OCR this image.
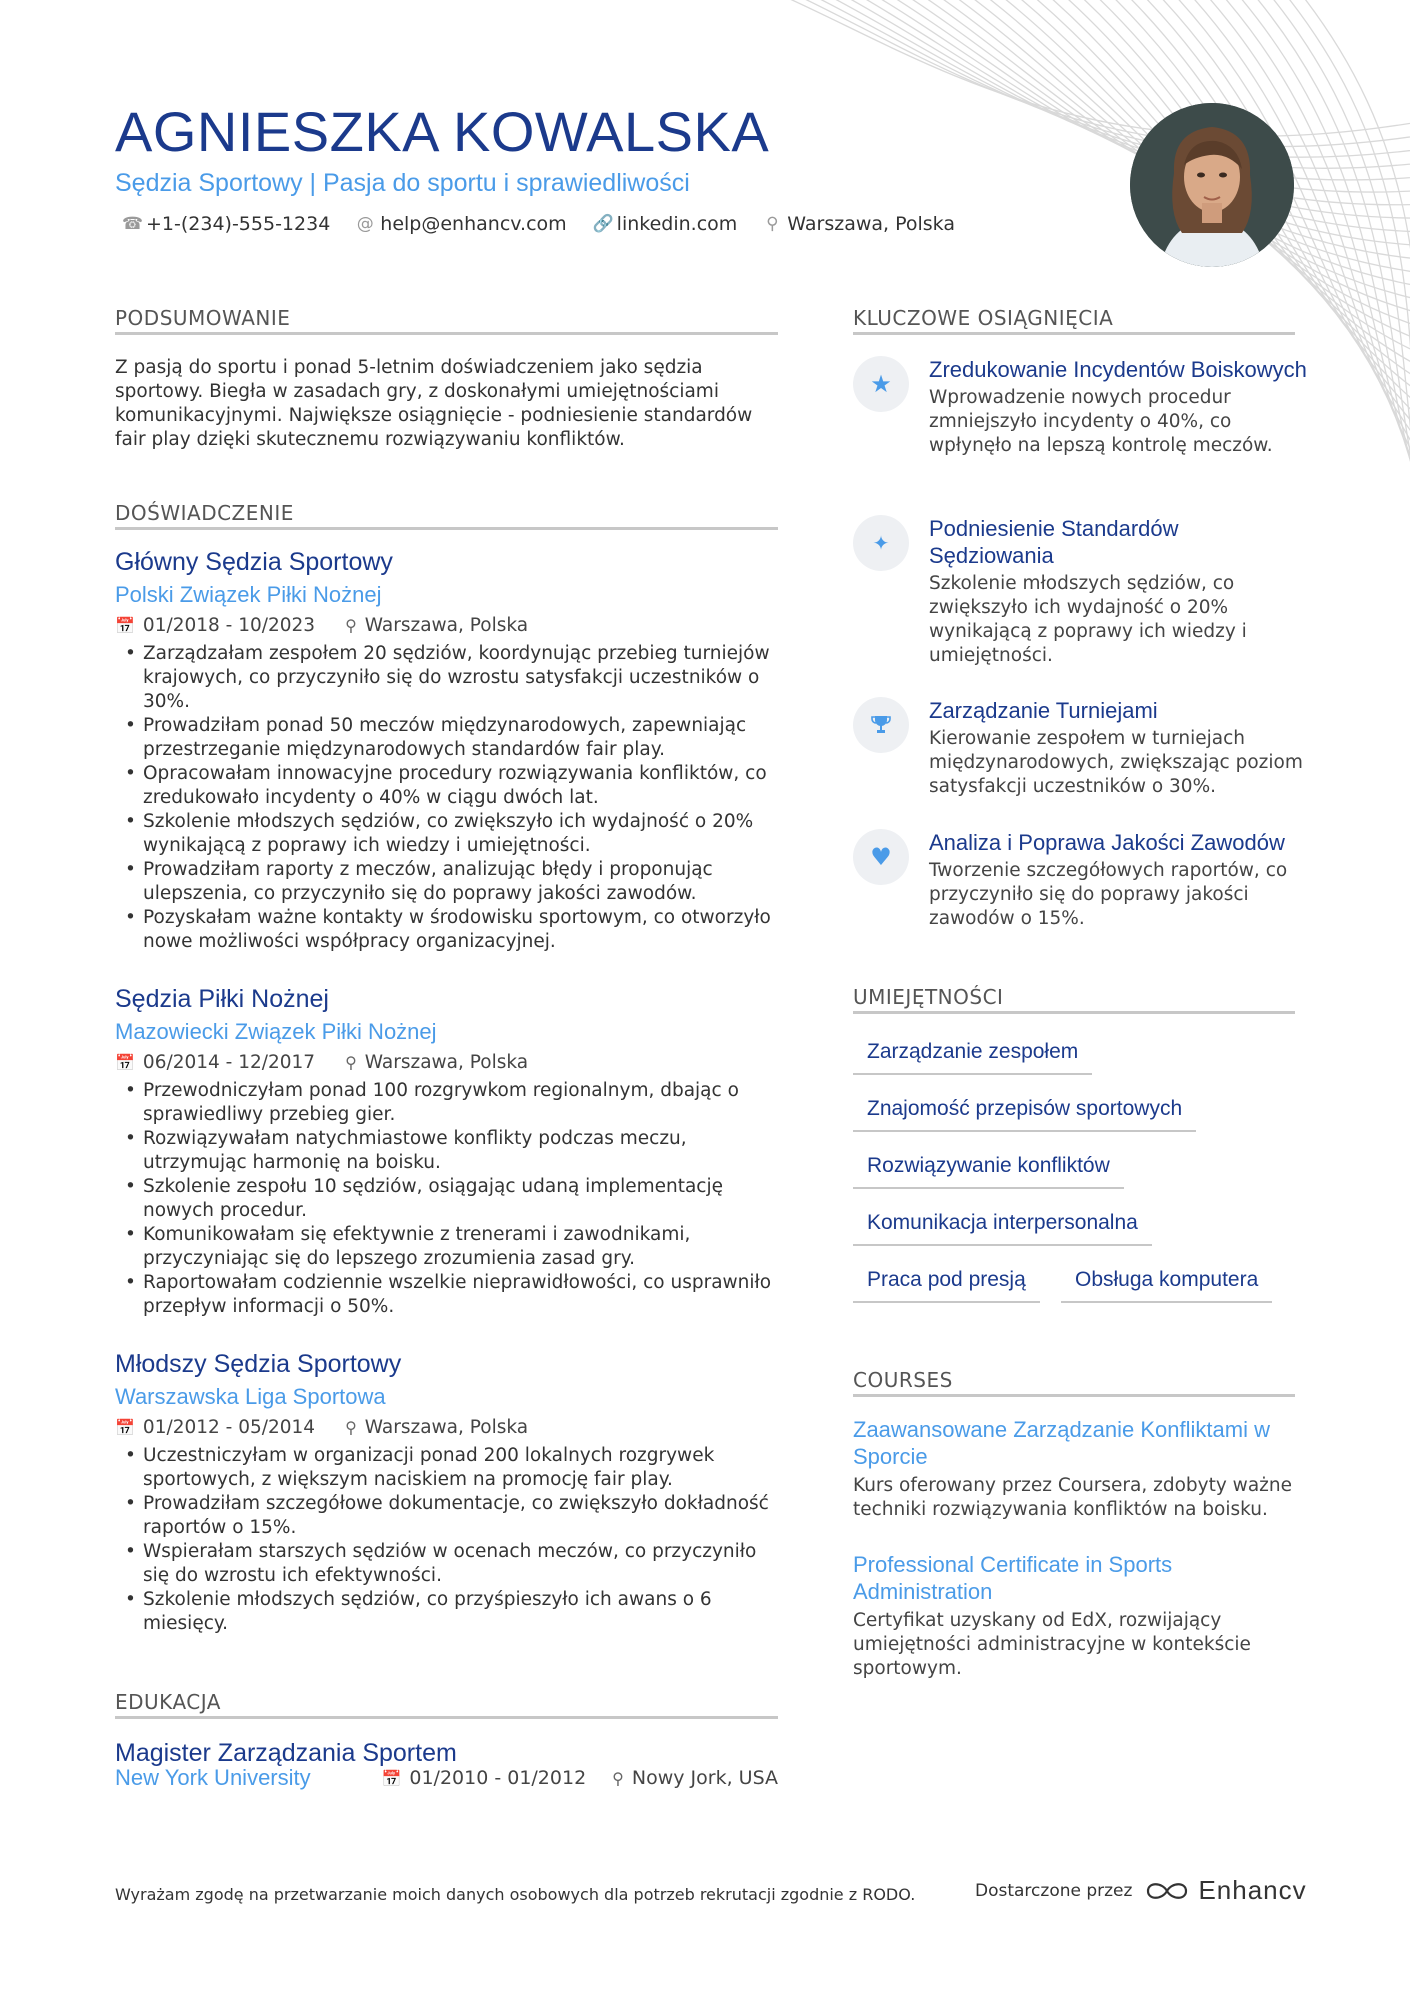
AGNIESZKA KOWALSKA
Sędzia Sportowy | Pasja do sportu i sprawiedliwości
☎ +1-(234)-555-1234 @ help@enhancv.com 🔗 linkedin.com ⚲ Warszawa, Polska
PODSUMOWANIE
Z pasją do sportu i ponad 5-letnim doświadczeniem jako sędzia sportowy. Biegła w zasadach gry, z doskonałymi umiejętnościami komunikacyjnymi. Największe osiągnięcie - podniesienie standardów fair play dzięki skutecznemu rozwiązywaniu konfliktów.
DOŚWIADCZENIE
Główny Sędzia Sportowy
Polski Związek Piłki Nożnej
📅 01/2018 - 10/2023 ⚲ Warszawa, Polska
• Zarządzałam zespołem 20 sędziów, koordynując przebieg turniejów krajowych, co przyczyniło się do wzrostu satysfakcji uczestników o 30%.
• Prowadziłam ponad 50 meczów międzynarodowych, zapewniając przestrzeganie międzynarodowych standardów fair play.
• Opracowałam innowacyjne procedury rozwiązywania konfliktów, co zredukowało incydenty o 40% w ciągu dwóch lat.
• Szkolenie młodszych sędziów, co zwiększyło ich wydajność o 20% wynikającą z poprawy ich wiedzy i umiejętności.
• Prowadziłam raporty z meczów, analizując błędy i proponując ulepszenia, co przyczyniło się do poprawy jakości zawodów.
• Pozyskałam ważne kontakty w środowisku sportowym, co otworzyło nowe możliwości współpracy organizacyjnej.
Sędzia Piłki Nożnej
Mazowiecki Związek Piłki Nożnej
📅 06/2014 - 12/2017 ⚲ Warszawa, Polska
• Przewodniczyłam ponad 100 rozgrywkom regionalnym, dbając o sprawiedliwy przebieg gier.
• Rozwiązywałam natychmiastowe konflikty podczas meczu, utrzymując harmonię na boisku.
• Szkolenie zespołu 10 sędziów, osiągając udaną implementację nowych procedur.
• Komunikowałam się efektywnie z trenerami i zawodnikami, przyczyniając się do lepszego zrozumienia zasad gry.
• Raportowałam codziennie wszelkie nieprawidłowości, co usprawniło przepływ informacji o 50%.
Młodszy Sędzia Sportowy
Warszawska Liga Sportowa
📅 01/2012 - 05/2014 ⚲ Warszawa, Polska
• Uczestniczyłam w organizacji ponad 200 lokalnych rozgrywek sportowych, z większym naciskiem na promocję fair play.
• Prowadziłam szczegółowe dokumentacje, co zwiększyło dokładność raportów o 15%.
• Wspierałam starszych sędziów w ocenach meczów, co przyczyniło się do wzrostu ich efektywności.
• Szkolenie młodszych sędziów, co przyśpieszyło ich awans o 6 miesięcy.
EDUKACJA
Magister Zarządzania Sportem
New York University	📅 01/2010 - 01/2012 ⚲ Nowy Jork, USA
KLUCZOWE OSIĄGNIĘCIA
★
Zredukowanie Incydentów Boiskowych
Wprowadzenie nowych procedur zmniejszyło incydenty o 40%, co wpłynęło na lepszą kontrolę meczów.
✦
Podniesienie Standardów Sędziowania
Szkolenie młodszych sędziów, co zwiększyło ich wydajność o 20% wynikającą z poprawy ich wiedzy i umiejętności.
Zarządzanie Turniejami
Kierowanie zespołem w turniejach międzynarodowych, zwiększając poziom satysfakcji uczestników o 30%.
♥
Analiza i Poprawa Jakości Zawodów
Tworzenie szczegółowych raportów, co przyczyniło się do poprawy jakości zawodów o 15%.
UMIEJĘTNOŚCI
Zarządzanie zespołem
Znajomość przepisów sportowych
Rozwiązywanie konfliktów
Komunikacja interpersonalna
Praca pod presją	Obsługa komputera
COURSES
Zaawansowane Zarządzanie Konfliktami w Sporcie
Kurs oferowany przez Coursera, zdobyty ważne techniki rozwiązywania konfliktów na boisku.
Professional Certificate in Sports Administration
Certyfikat uzyskany od EdX, rozwijający umiejętności administracyjne w kontekście sportowym.
Wyrażam zgodę na przetwarzanie moich danych osobowych dla potrzeb rekrutacji zgodnie z RODO.	Dostarczone przez	Enhancv
